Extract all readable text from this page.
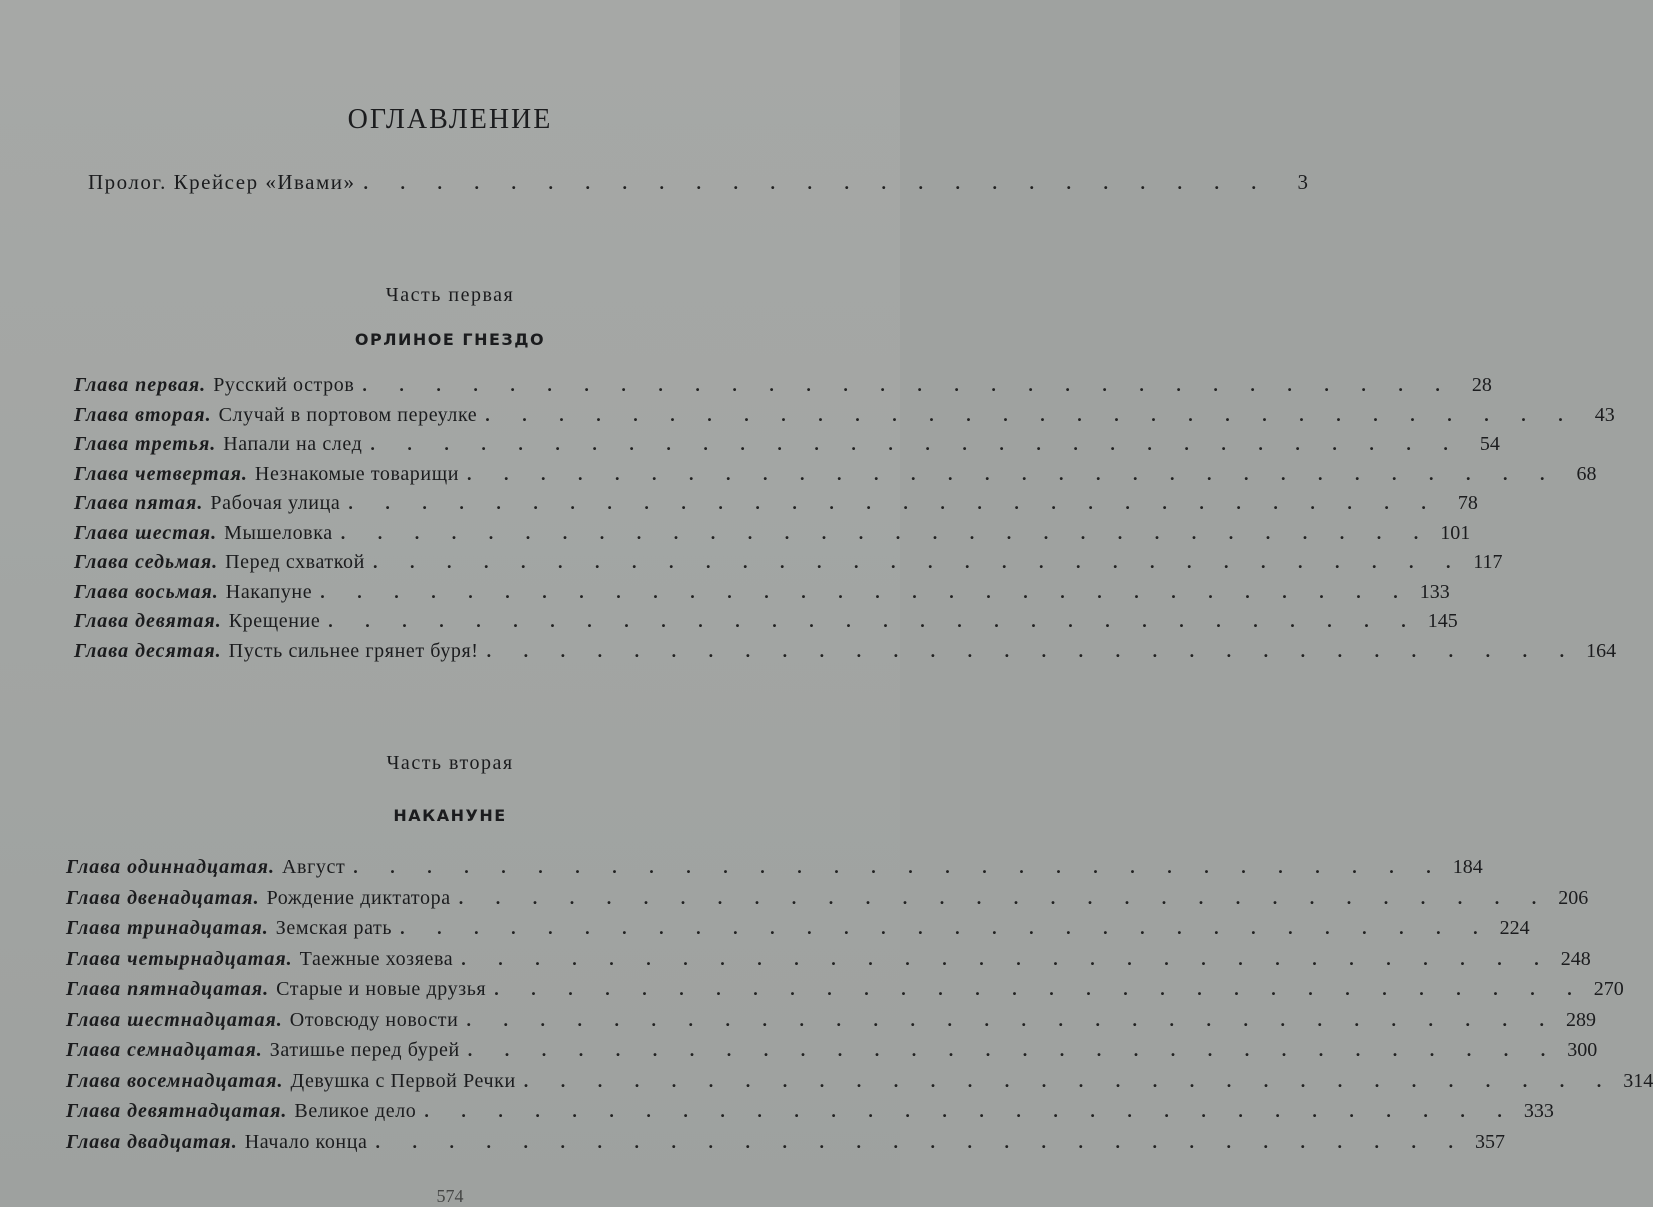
ОГЛАВЛЕНИЕ
Пролог. Крейсер «Ивами» . . . . . . . . . . . . . . . . . . . . . . . . .	3
Часть первая
ОРЛИНОЕ ГНЕЗДО
Глава первая. Русский остров . . . . . . . . . . . . . . . . . . . . . . . . . . . . . . 28
Глава вторая. Случай в портовом переулке . . . . . . . . . . . . . . . . . . . . . . . . . . . . . . 43
Глава третья. Напали на след . . . . . . . . . . . . . . . . . . . . . . . . . . . . . . 54
Глава четвертая. Незнакомые товарищи . . . . . . . . . . . . . . . . . . . . . . . . . . . . . . 68
Глава пятая. Рабочая улица . . . . . . . . . . . . . . . . . . . . . . . . . . . . . . 78
Глава шестая. Мышеловка . . . . . . . . . . . . . . . . . . . . . . . . . . . . . . 101
Глава седьмая. Перед схваткой . . . . . . . . . . . . . . . . . . . . . . . . . . . . . . 117
Глава восьмая. Накапуне . . . . . . . . . . . . . . . . . . . . . . . . . . . . . . 133
Глава девятая. Крещение . . . . . . . . . . . . . . . . . . . . . . . . . . . . . . 145
Глава десятая. Пусть сильнее грянет буря! . . . . . . . . . . . . . . . . . . . . . . . . . . . . . . 164
Часть вторая
НАКАНУНЕ
Глава одиннадцатая. Август . . . . . . . . . . . . . . . . . . . . . . . . . . . . . . 184
Глава двенадцатая. Рождение диктатора . . . . . . . . . . . . . . . . . . . . . . . . . . . . . . 206
Глава тринадцатая. Земская рать . . . . . . . . . . . . . . . . . . . . . . . . . . . . . . 224
Глава четырнадцатая. Таежные хозяева . . . . . . . . . . . . . . . . . . . . . . . . . . . . . . 248
Глава пятнадцатая. Старые и новые друзья . . . . . . . . . . . . . . . . . . . . . . . . . . . . . . 270
Глава шестнадцатая. Отовсюду новости . . . . . . . . . . . . . . . . . . . . . . . . . . . . . . 289
Глава семнадцатая. Затишье перед бурей . . . . . . . . . . . . . . . . . . . . . . . . . . . . . . 300
Глава восемнадцатая. Девушка с Первой Речки . . . . . . . . . . . . . . . . . . . . . . . . . . . . . . 314
Глава девятнадцатая. Великое дело . . . . . . . . . . . . . . . . . . . . . . . . . . . . . . 333
Глава двадцатая. Начало конца . . . . . . . . . . . . . . . . . . . . . . . . . . . . . . 357
574
